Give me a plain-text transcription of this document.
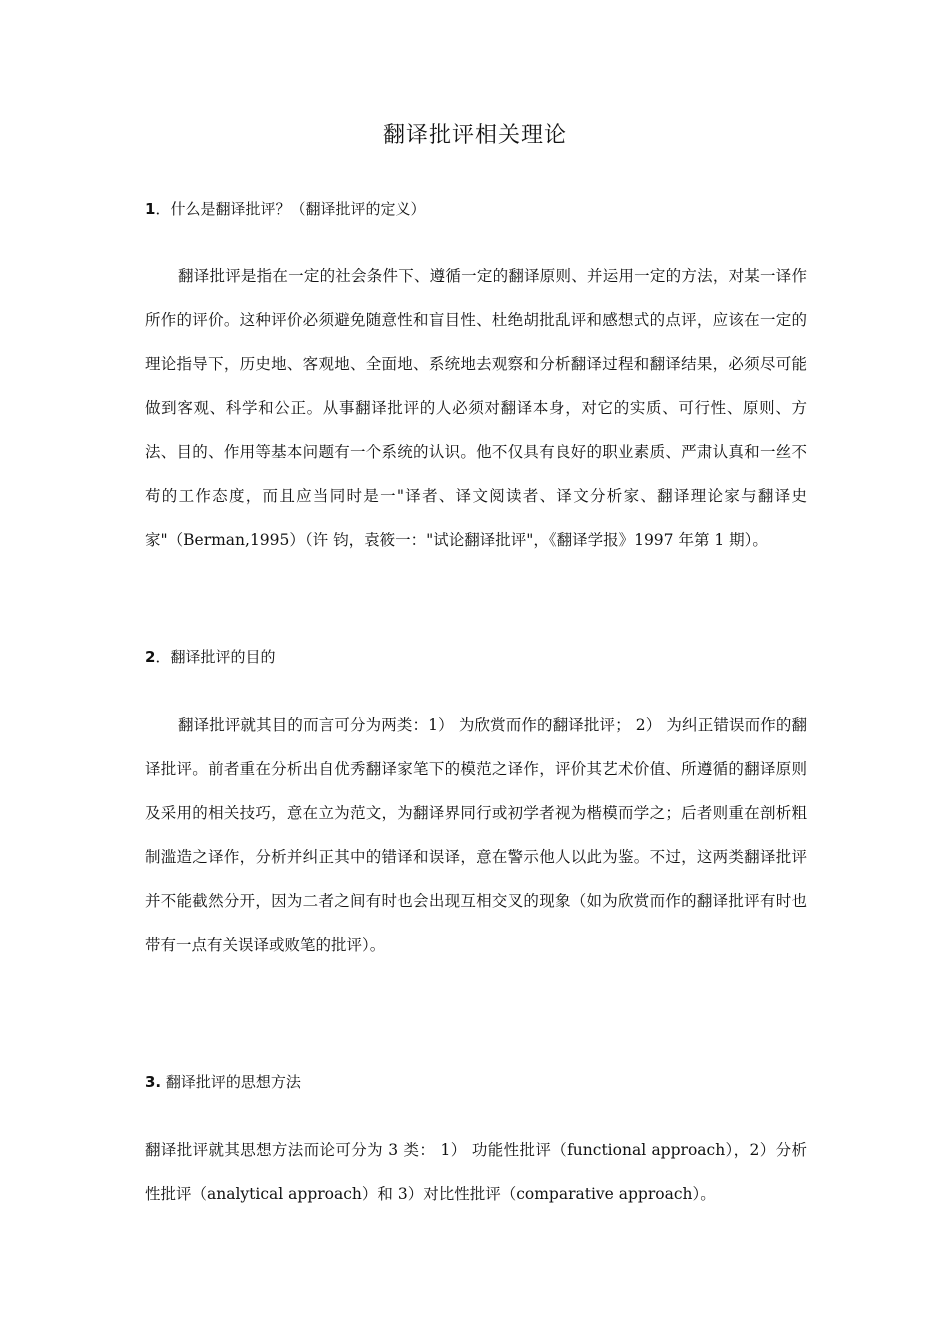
翻译批评相关理论
1．什么是翻译批评？（翻译批评的定义）
翻译批评是指在一定的社会条件下、遵循一定的翻译原则、并运用一定的方法，对某一译作所作的评价。这种评价必须避免随意性和盲目性、杜绝胡批乱评和感想式的点评，应该在一定的理论指导下，历史地、客观地、全面地、系统地去观察和分析翻译过程和翻译结果，必须尽可能做到客观、科学和公正。从事翻译批评的人必须对翻译本身，对它的实质、可行性、原则、方法、目的、作用等基本问题有一个系统的认识。他不仅具有良好的职业素质、严肃认真和一丝不苟的工作态度，而且应当同时是一"译者、译文阅读者、译文分析家、翻译理论家与翻译史家"（Berman,1995）（许 钧，袁筱一："试论翻译批评"，《翻译学报》1997 年第 1 期）。
2．翻译批评的目的
翻译批评就其目的而言可分为两类：1） 为欣赏而作的翻译批评； 2） 为纠正错误而作的翻译批评。前者重在分析出自优秀翻译家笔下的模范之译作，评价其艺术价值、所遵循的翻译原则及采用的相关技巧，意在立为范文，为翻译界同行或初学者视为楷模而学之；后者则重在剖析粗制滥造之译作，分析并纠正其中的错译和误译，意在警示他人以此为鉴。不过，这两类翻译批评并不能截然分开，因为二者之间有时也会出现互相交叉的现象（如为欣赏而作的翻译批评有时也带有一点有关误译或败笔的批评）。
3. 翻译批评的思想方法
翻译批评就其思想方法而论可分为 3 类： 1） 功能性批评（functional approach），2）分析性批评（analytical approach）和 3）对比性批评（comparative approach）。
